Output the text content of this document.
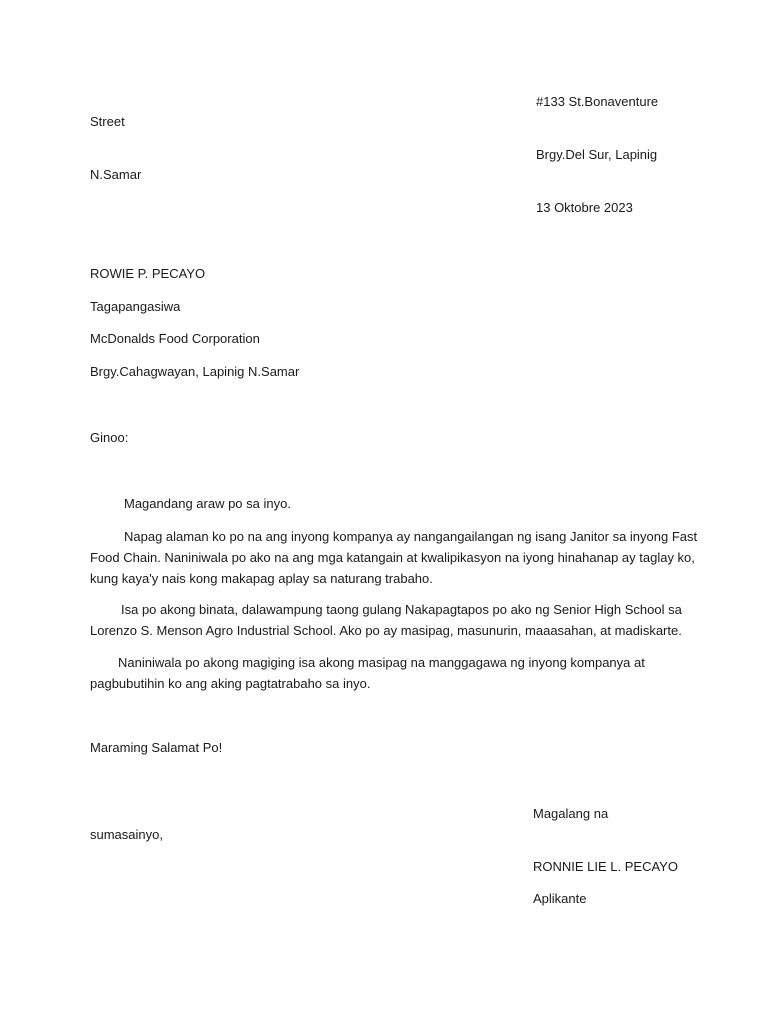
#133 St.Bonaventure
Street
Brgy.Del Sur, Lapinig
N.Samar
13 Oktobre 2023
ROWIE P. PECAYO
Tagapangasiwa
McDonalds Food Corporation
Brgy.Cahagwayan, Lapinig N.Samar
Ginoo:
Magandang araw po sa inyo.
Napag alaman ko po na ang inyong kompanya ay nangangailangan ng isang Janitor sa inyong Fast
Food Chain. Naniniwala po ako na ang mga katangain at kwalipikasyon na iyong hinahanap ay taglay ko,
kung kaya'y nais kong makapag aplay sa naturang trabaho.
Isa po akong binata, dalawampung taong gulang Nakapagtapos po ako ng Senior High School sa
Lorenzo S. Menson Agro Industrial School. Ako po ay masipag, masunurin, maaasahan, at madiskarte.
Naniniwala po akong magiging isa akong masipag na manggagawa ng inyong kompanya at
pagbubutihin ko ang aking pagtatrabaho sa inyo.
Maraming Salamat Po!
Magalang na
sumasainyo,
RONNIE LIE L. PECAYO
Aplikante
